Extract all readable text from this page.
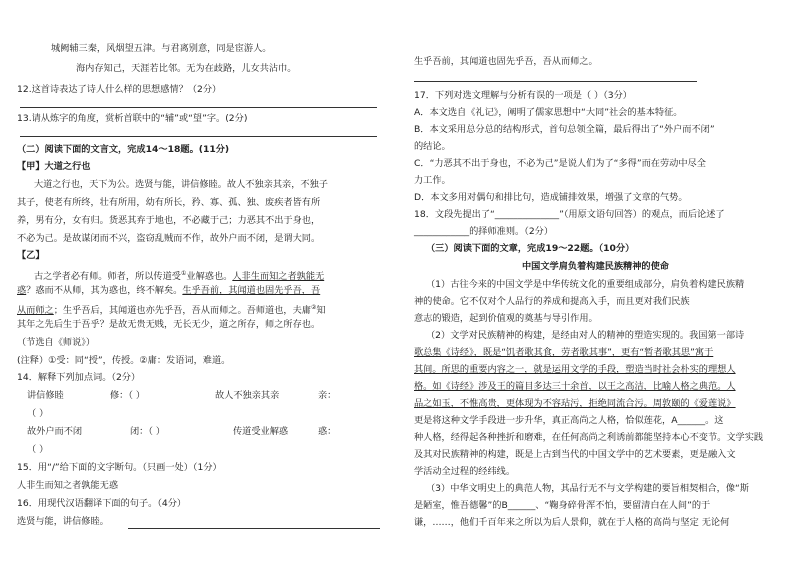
城阙辅三秦，风烟望五津。与君离别意，同是宦游人。
海内存知己，天涯若比邻。无为在歧路，儿女共沾巾。
12.这首诗表达了诗人什么样的思想感情？（2分）
13.请从炼字的角度，赏析首联中的“辅”或“望”字。(2分)
（二）阅读下面的文言文，完成14～18题。(11分)
【甲】大道之行也
大道之行也，天下为公。选贤与能，讲信修睦。故人不独亲其亲，不独子
其子，使老有所终，壮有所用，幼有所长，矜、寡、孤、独、废疾者皆有所
养，男有分，女有归。货恶其弃于地也，不必藏于己；力恶其不出于身也，
不必为己。是故谋闭而不兴，盗窃乱贼而不作，故外户而不闭，是谓大同。
【乙】
古之学者必有师。师者，所以传道受①业解惑也。人非生而知之者孰能无
惑？惑而不从师，其为惑也，终不解矣。生乎吾前，其闻道也固先乎吾，吾
从而师之；生乎吾后，其闻道也亦先乎吾，吾从而师之。吾师道也，夫庸②知
其年之先后生于吾乎？是故无贵无贱，无长无少，道之所存，师之所存也。
（节选自《师说》）
(注释）①受：同“授”，传授。②庸：发语词，难道。
14．解释下列加点词。（2分）
讲信修睦	修：（ ）	故人不独亲其亲	亲：
（ ）
故外户而不闭	闭：（ ）	传道受业解惑	惑：
（ ）
15．用“/”给下面的文字断句。（只画一处）（1分）
人非生而知之者孰能无惑
16．用现代汉语翻译下面的句子。（4分）
选贤与能，讲信修睦。
生乎吾前，其闻道也固先乎吾，吾从而师之。
17．下列对选文理解与分析有误的一项是（ ）（3分）
A．本文选自《礼记》，阐明了儒家思想中“大同”社会的基本特征。
B．本文采用总分总的结构形式，首句总领全篇，最后得出了“外户而不闭”
的结论。
C．“力恶其不出于身也，不必为己”是说人们为了“多得”而在劳动中尽全
力工作。
D．本文多用对偶句和排比句，造成铺排效果，增强了文章的气势。
18．文段先提出了“______________”（用原文语句回答）的观点，而后论述了
____________的择师准则。（2分）
（三）阅读下面的文章，完成19～22题。（10分）
中国文学肩负着构建民族精神的使命
（1）古往今来的中国文学是中华传统文化的重要组成部分，肩负着构建民族精
神的使命。它不仅对个人品行的养成和提高入手，而且更对我们民族
意志的锻造，起到价值观的奠基与导引作用。
（2）文学对民族精神的构建，是经由对人的精神的塑造实现的。我国第一部诗
歌总集《诗经》，既是“饥者歌其食，劳者歌其事”，更有“暂者歌其思”寓于
其间。所思的重要内容之一，就是运用文学的手段，塑造当时社会朴实的理想人
格。如《诗经》涉及王的篇目多达三十余首，以王之高洁，比喻人格之典范。人
品之如玉，不惟高贵，更体现为不容玷污，拒绝同流合污。周敦颐的《爱莲说》
更是将这种文学手段进一步升华，真正高尚之人格，恰似莲花，A______。这
种人格，经得起各种挫折和磨难，在任何高尚之利诱前都能坚持本心不变节。文学实践
及其对民族精神的构建，既是上古到当代的中国文学中的艺术要素，更是融入文
学活动全过程的经纬线。
（3）中华文明史上的典范人物，其品行无不与文学构建的要旨相契相合，像“斯
是陋室，惟吾德馨”的B______、“鞠身碎骨浑不怕，要留清白在人间”的于
谦，……，他们千百年来之所以为后人景仰，就在于人格的高尚与坚定 无论何
